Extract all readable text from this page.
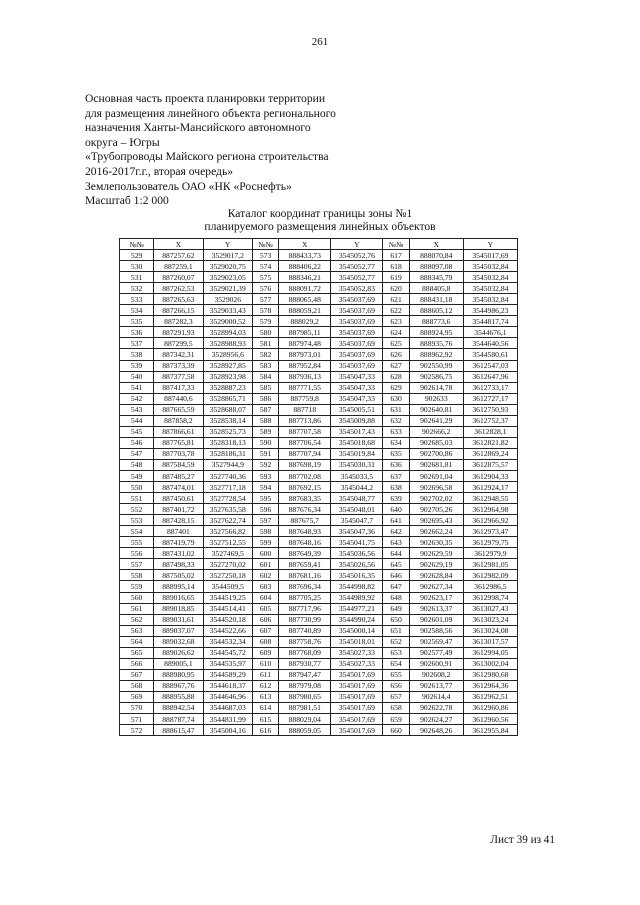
261
Основная часть проекта планировки территории
для размещения линейного объекта регионального
назначения Ханты-Мансийского автономного
округа – Югры
«Трубопроводы Майского региона строительства
2016-2017г.г., вторая очередь»
Землепользователь ОАО «НК «Роснефть»
Масштаб 1:2 000
Каталог координат границы зоны №1
планируемого размещения линейных объектов
№№	X	Y	№№	X	Y	№№	X	Y
529	887257,62	3529017,2	573	888433,73	3545052,76	617	888070,84	3545017,69
530	887259,1	3529020,75	574	888406,22	3545052,77	618	888097,08	3545032,84
531	887260,07	3529023,05	575	888346,21	3545052,77	619	888345,79	3545032,84
532	887262,53	3529021,39	576	888091,72	3545052,83	620	888405,8	3545032,84
533	887265,63	3529026	577	888065,48	3545037,69	621	888431,18	3545032,84
534	887266,15	3529033,43	578	888059,21	3545037,69	622	888605,12	3544986,23
535	887282,3	3529000,52	579	888029,2	3545037,69	623	888773,6	3544817,74
536	887291,93	3528994,03	580	887985,11	3545037,69	624	888924,95	3544676,1
537	887299,5	3528988,93	581	887974,48	3545037,69	625	888935,76	3544640,56
538	887342,31	3528956,6	582	887973,01	3545037,69	626	888962,92	3544580,61
539	887373,39	3528927,85	583	887952,84	3545037,69	627	902550,99	3612547,03
540	887377,58	3528923,98	584	887936,13	3545047,33	628	902586,75	3612647,96
541	887417,33	3528887,23	585	887771,55	3545047,33	629	902614,78	3612733,17
542	887440,6	3528865,71	586	887759,8	3545047,33	630	902633	3612727,17
543	887665,59	3528688,07	587	887718	3545005,51	631	902640,81	3612750,93
544	887858,2	3528538,14	588	887713,86	3545009,88	632	902641,29	3612752,37
545	887866,61	3528525,73	589	887707,58	3545017,43	633	902666,2	3612828,1
546	887765,81	3528318,13	590	887706,54	3545018,68	634	902685,03	3612821,82
547	887703,78	3528186,31	591	887707,94	3545019,84	635	902700,86	3612869,24
548	887584,59	3527944,9	592	887698,19	3545030,31	636	902681,81	3612875,57
549	887485,27	3527740,36	593	887702,08	3545033,5	637	902691,04	3612904,33
550	887474,01	3527717,18	594	887692,15	3545044,2	638	902696,58	3612924,17
551	887450,61	3527728,54	595	887683,35	3545048,77	639	902702,02	3612948,55
552	887401,72	3527635,58	596	887676,34	3545048,01	640	902705,26	3612964,98
553	887428,15	3527622,74	597	887675,7	3545047,7	641	902695,43	3612966,92
554	887401	3527566,82	598	887648,93	3545047,36	642	902662,24	3612973,47
555	887419,79	3527512,55	599	887648,16	3545041,75	643	902630,35	3612979,75
556	887431,02	3527469,5	600	887649,39	3545036,56	644	902629,59	3612979,9
557	887498,33	3527270,02	601	887659,41	3545026,56	645	902629,19	3612981,05
558	887505,02	3527250,18	602	887681,16	3545016,35	646	902628,84	3612982,09
559	888995,14	3544509,5	603	887696,34	3544998,82	647	902627,34	3612986,5
560	889016,65	3544519,25	604	887705,25	3544989,92	648	902623,17	3612998,74
561	889018,85	3544514,41	605	887717,96	3544977,21	649	902613,37	3613027,43
562	889031,61	3544520,18	606	887730,99	3544990,24	650	902601,09	3613023,24
563	889037,07	3544522,66	607	887740,89	3545000,14	651	902588,56	3613024,08
564	889032,68	3544532,34	608	887758,76	3545018,01	652	902569,47	3613017,57
565	889026,62	3544545,72	609	887768,09	3545027,33	653	902577,49	3612994,05
566	889005,1	3544535,97	610	887930,77	3545027,33	654	902600,91	3613002,04
567	888980,95	3544589,29	611	887947,47	3545017,69	655	902608,2	3612980,68
568	888967,76	3544618,37	612	887979,08	3545017,69	656	902613,77	3612964,36
569	888955,88	3544646,96	613	887980,65	3545017,69	657	902614,4	3612962,51
570	888942,54	3544687,03	614	887981,51	3545017,69	658	902622,78	3612960,86
571	888787,74	3544831,99	615	888029,04	3545017,69	659	902624,27	3612960,56
572	888615,47	3545004,16	616	888059,05	3545017,69	660	902648,26	3612955,84
Лист 39 из 41
